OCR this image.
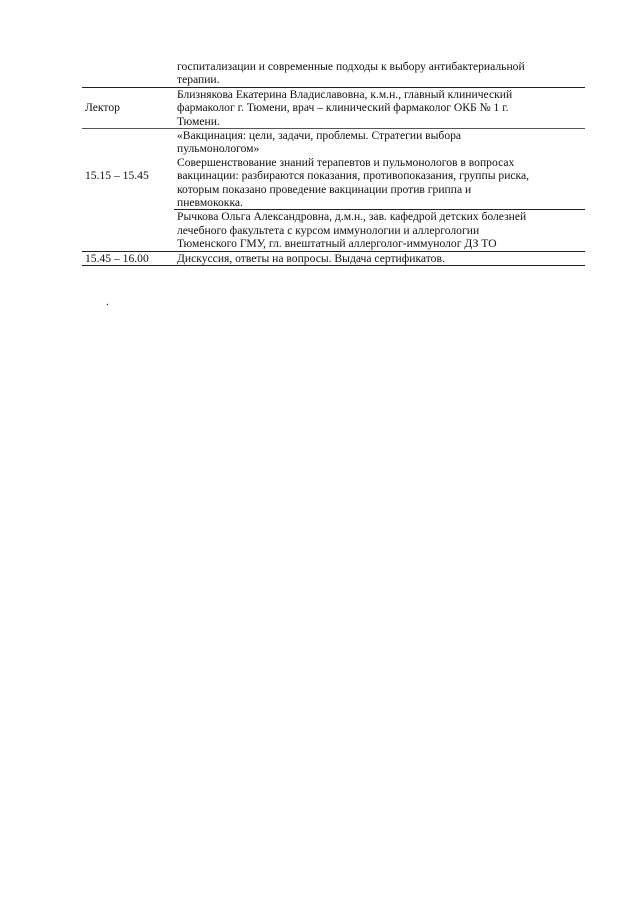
госпитализации и современные подходы к выбору антибактериальной
терапии.
Лектор
Близнякова Екатерина Владиславовна, к.м.н., главный клинический
фармаколог г. Тюмени, врач – клинический фармаколог ОКБ № 1 г.
Тюмени.
15.15 – 15.45
«Вакцинация: цели, задачи, проблемы. Стратегии выбора
пульмонологом»
Совершенствование знаний терапевтов и пульмонологов в вопросах
вакцинации: разбираются показания, противопоказания, группы риска,
которым показано проведение вакцинации против гриппа и
пневмококка.
Рычкова Ольга Александровна, д.м.н., зав. кафедрой детских болезней
лечебного факультета с курсом иммунологии и аллергологии
Тюменского ГМУ, гл. внештатный аллерголог-иммунолог ДЗ ТО
15.45 – 16.00	Дискуссия, ответы на вопросы. Выдача сертификатов.
.
